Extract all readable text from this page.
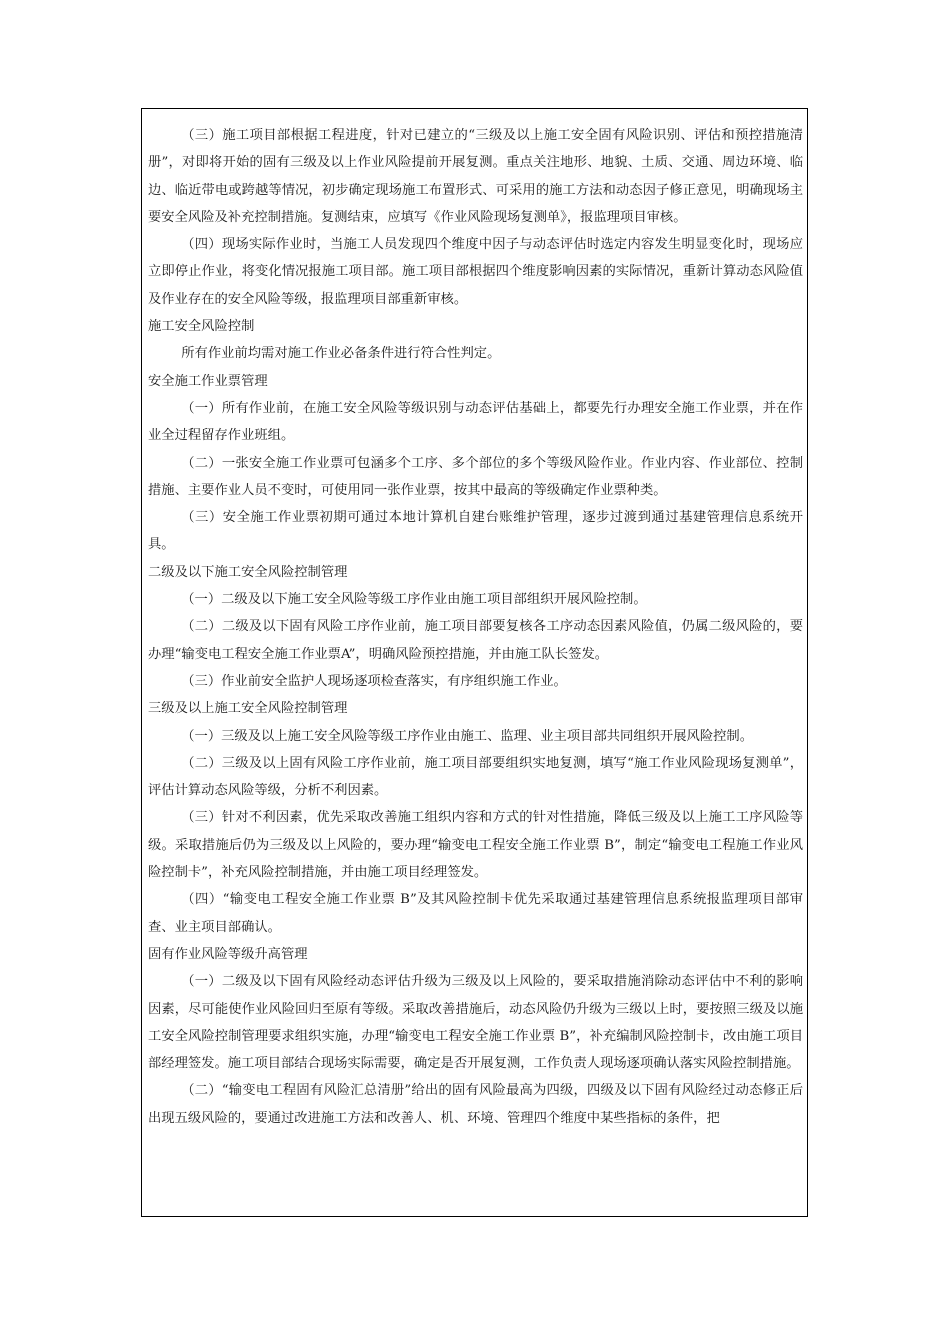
（三）施工项目部根据工程进度，针对已建立的“三级及以上施工安全固有风险识别、评估和预控措施清册”，对即将开始的固有三级及以上作业风险提前开展复测。重点关注地形、地貌、土质、交通、周边环境、临边、临近带电或跨越等情况，初步确定现场施工布置形式、可采用的施工方法和动态因子修正意见，明确现场主要安全风险及补充控制措施。复测结束，应填写《作业风险现场复测单》，报监理项目审核。

（四）现场实际作业时，当施工人员发现四个维度中因子与动态评估时选定内容发生明显变化时，现场应立即停止作业，将变化情况报施工项目部。施工项目部根据四个维度影响因素的实际情况，重新计算动态风险值及作业存在的安全风险等级，报监理项目部重新审核。

施工安全风险控制

所有作业前均需对施工作业必备条件进行符合性判定。

安全施工作业票管理

（一）所有作业前，在施工安全风险等级识别与动态评估基础上，都要先行办理安全施工作业票，并在作业全过程留存作业班组。

（二）一张安全施工作业票可包涵多个工序、多个部位的多个等级风险作业。作业内容、作业部位、控制措施、主要作业人员不变时，可使用同一张作业票，按其中最高的等级确定作业票种类。

（三）安全施工作业票初期可通过本地计算机自建台账维护管理，逐步过渡到通过基建管理信息系统开具。

二级及以下施工安全风险控制管理

（一）二级及以下施工安全风险等级工序作业由施工项目部组织开展风险控制。

（二）二级及以下固有风险工序作业前，施工项目部要复核各工序动态因素风险值，仍属二级风险的，要办理“输变电工程安全施工作业票A”，明确风险预控措施，并由施工队长签发。

（三）作业前安全监护人现场逐项检查落实，有序组织施工作业。

三级及以上施工安全风险控制管理

（一）三级及以上施工安全风险等级工序作业由施工、监理、业主项目部共同组织开展风险控制。

（二）三级及以上固有风险工序作业前，施工项目部要组织实地复测，填写“施工作业风险现场复测单”，评估计算动态风险等级，分析不利因素。

（三）针对不利因素，优先采取改善施工组织内容和方式的针对性措施，降低三级及以上施工工序风险等级。采取措施后仍为三级及以上风险的，要办理“输变电工程安全施工作业票 B”，制定“输变电工程施工作业风险控制卡”，补充风险控制措施，并由施工项目经理签发。

（四）“输变电工程安全施工作业票 B”及其风险控制卡优先采取通过基建管理信息系统报监理项目部审查、业主项目部确认。

固有作业风险等级升高管理

（一）二级及以下固有风险经动态评估升级为三级及以上风险的，要采取措施消除动态评估中不利的影响因素，尽可能使作业风险回归至原有等级。采取改善措施后，动态风险仍升级为三级以上时，要按照三级及以施工安全风险控制管理要求组织实施，办理“输变电工程安全施工作业票 B”，补充编制风险控制卡，改由施工项目部经理签发。施工项目部结合现场实际需要，确定是否开展复测，工作负责人现场逐项确认落实风险控制措施。

（二）“输变电工程固有风险汇总清册”给出的固有风险最高为四级，四级及以下固有风险经过动态修正后出现五级风险的，要通过改进施工方法和改善人、机、环境、管理四个维度中某些指标的条件，把
